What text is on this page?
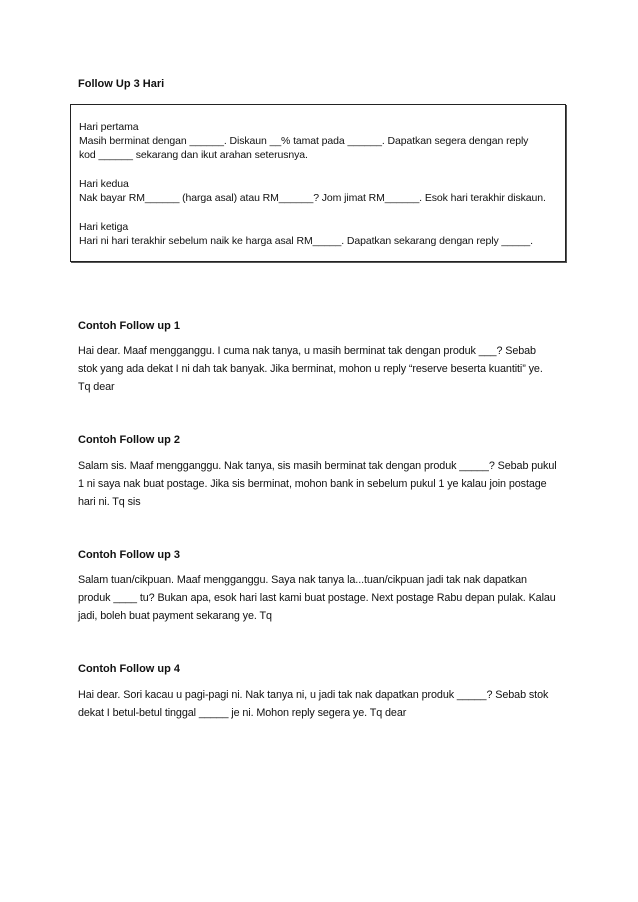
Follow Up 3 Hari
Hari pertama
Masih berminat dengan ______. Diskaun __% tamat pada ______. Dapatkan segera dengan reply
kod ______ sekarang dan ikut arahan seterusnya.
Hari kedua
Nak bayar RM______ (harga asal) atau RM______? Jom jimat RM______. Esok hari terakhir diskaun.
Hari ketiga
Hari ni hari terakhir sebelum naik ke harga asal RM_____. Dapatkan sekarang dengan reply _____.
Contoh Follow up 1
Hai dear. Maaf mengganggu. I cuma nak tanya, u masih berminat tak dengan produk ___? Sebab
stok yang ada dekat I ni dah tak banyak. Jika berminat, mohon u reply “reserve beserta kuantiti” ye.
Tq dear
Contoh Follow up 2
Salam sis. Maaf mengganggu. Nak tanya, sis masih berminat tak dengan produk _____? Sebab pukul
1 ni saya nak buat postage. Jika sis berminat, mohon bank in sebelum pukul 1 ye kalau join postage
hari ni. Tq sis
Contoh Follow up 3
Salam tuan/cikpuan. Maaf mengganggu. Saya nak tanya la...tuan/cikpuan jadi tak nak dapatkan
produk ____ tu? Bukan apa, esok hari last kami buat postage. Next postage Rabu depan pulak. Kalau
jadi, boleh buat payment sekarang ye. Tq
Contoh Follow up 4
Hai dear. Sori kacau u pagi-pagi ni. Nak tanya ni, u jadi tak nak dapatkan produk _____? Sebab stok
dekat I betul-betul tinggal _____ je ni. Mohon reply segera ye. Tq dear
